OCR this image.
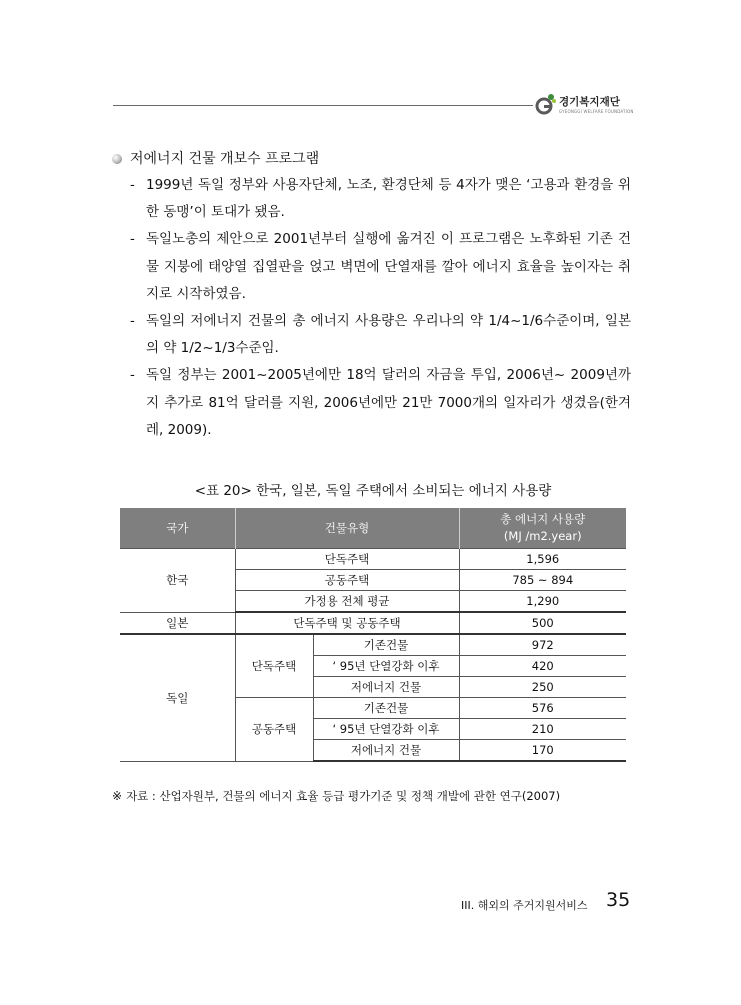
경기복지재단
GYEONGGI WELFARE FOUNDATION
저에너지 건물 개보수 프로그램
- 1999년 독일 정부와 사용자단체, 노조, 환경단체 등 4자가 맺은 ‘고용과 환경을 위한 동맹’이 토대가 됐음.
- 독일노총의 제안으로 2001년부터 실행에 옮겨진 이 프로그램은 노후화된 기존 건물 지붕에 태양열 집열판을 얹고 벽면에 단열재를 깔아 에너지 효율을 높이자는 취지로 시작하였음.
- 독일의 저에너지 건물의 총 에너지 사용량은 우리나의 약 1/4~1/6수준이며, 일본의 약 1/2~1/3수준임.
- 독일 정부는 2001~2005년에만 18억 달러의 자금을 투입, 2006년~ 2009년까지 추가로 81억 달러를 지원, 2006년에만 21만 7000개의 일자리가 생겼음(한겨레, 2009).
<표 20> 한국, 일본, 독일 주택에서 소비되는 에너지 사용량
국가	건물유형		총 에너지 사용량
(MJ /m2.year)

한국	단독주택		1,596
	공동주택		785 ~ 894
	가정용 전체 평균		1,290
일본	단독주택 및 공동주택		500
독일	단독주택	기존건물	972
		‘ 95년 단열강화 이후	420
		저에너지 건물	250
	공동주택	기존건물	576
		‘ 95년 단열강화 이후	210
		저에너지 건물	170
※ 자료 : 산업자원부, 건물의 에너지 효율 등급 평가기준 및 정책 개발에 관한 연구(2007)
III. 해외의 주거지원서비스 35
